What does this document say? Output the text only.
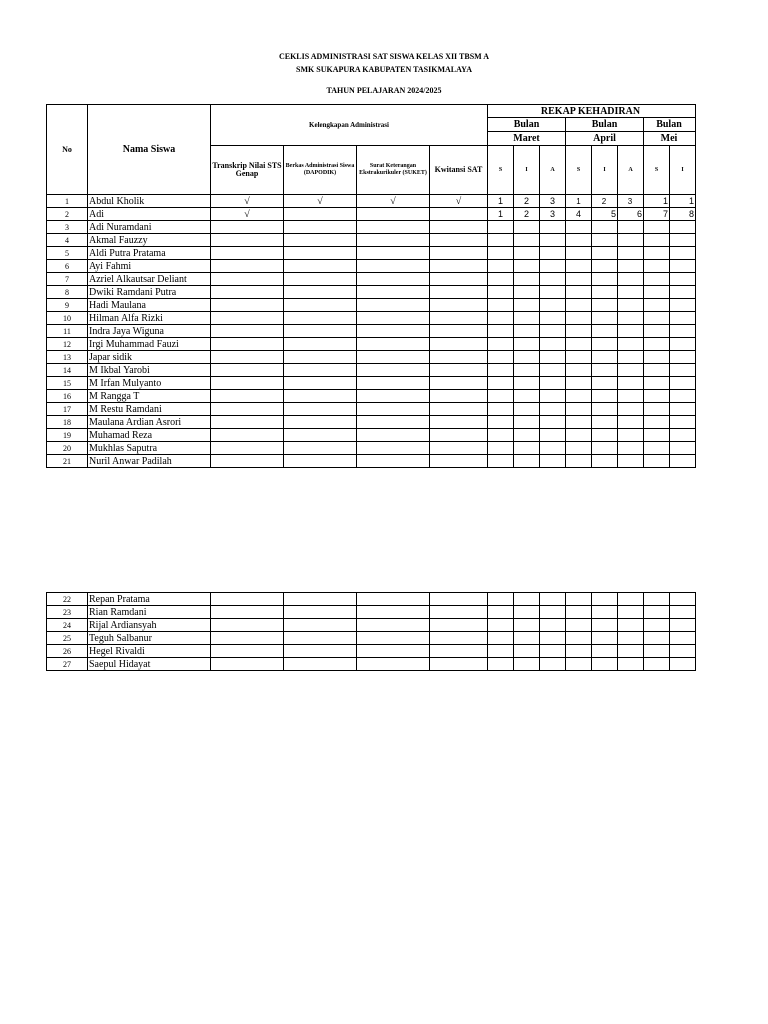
CEKLIS ADMINISTRASI SAT SISWA KELAS XII TBSM A
SMK SUKAPURA KABUPATEN TASIKMALAYA
TAHUN PELAJARAN 2024/2025
No	Nama Siswa	Kelengkapan Administrasi				REKAP KEHADIRAN							
						Bulan			Bulan			Bulan	
						Maret			April			Mei	
		Transkrip Nilai STS Genap	Berkas Administrasi Siswa (DAPODIK)	Surat Keterangan Ekstrakurikuler (SUKET)	Kwitansi SAT	S	I	A	S	I	A	S	I

1	Abdul Kholik	√	√	√	√	1	2	3	1	2	3	1	1
2	Adi	√				1	2	3	4	5	6	7	8
3	Adi Nuramdani												
4	Akmal Fauzzy												
5	Aldi Putra Pratama												
6	Ayi Fahmi												
7	Azriel Alkautsar Deliant												
8	Dwiki Ramdani Putra												
9	Hadi Maulana												
10	Hilman Alfa Rizki												
11	Indra Jaya Wiguna												
12	Irgi Muhammad Fauzi												
13	Japar sidik												
14	M Ikbal Yarobi												
15	M Irfan Mulyanto												
16	M Rangga T												
17	M Restu Ramdani												
18	Maulana Ardian Asrori												
19	Muhamad Reza												
20	Mukhlas Saputra												
21	Nuril Anwar Padilah												
22	Repan Pratama												
23	Rian Ramdani												
24	Rijal Ardiansyah												
25	Teguh Salbanur												
26	Hegel Rivaldi												
27	Saepul Hidayat												
